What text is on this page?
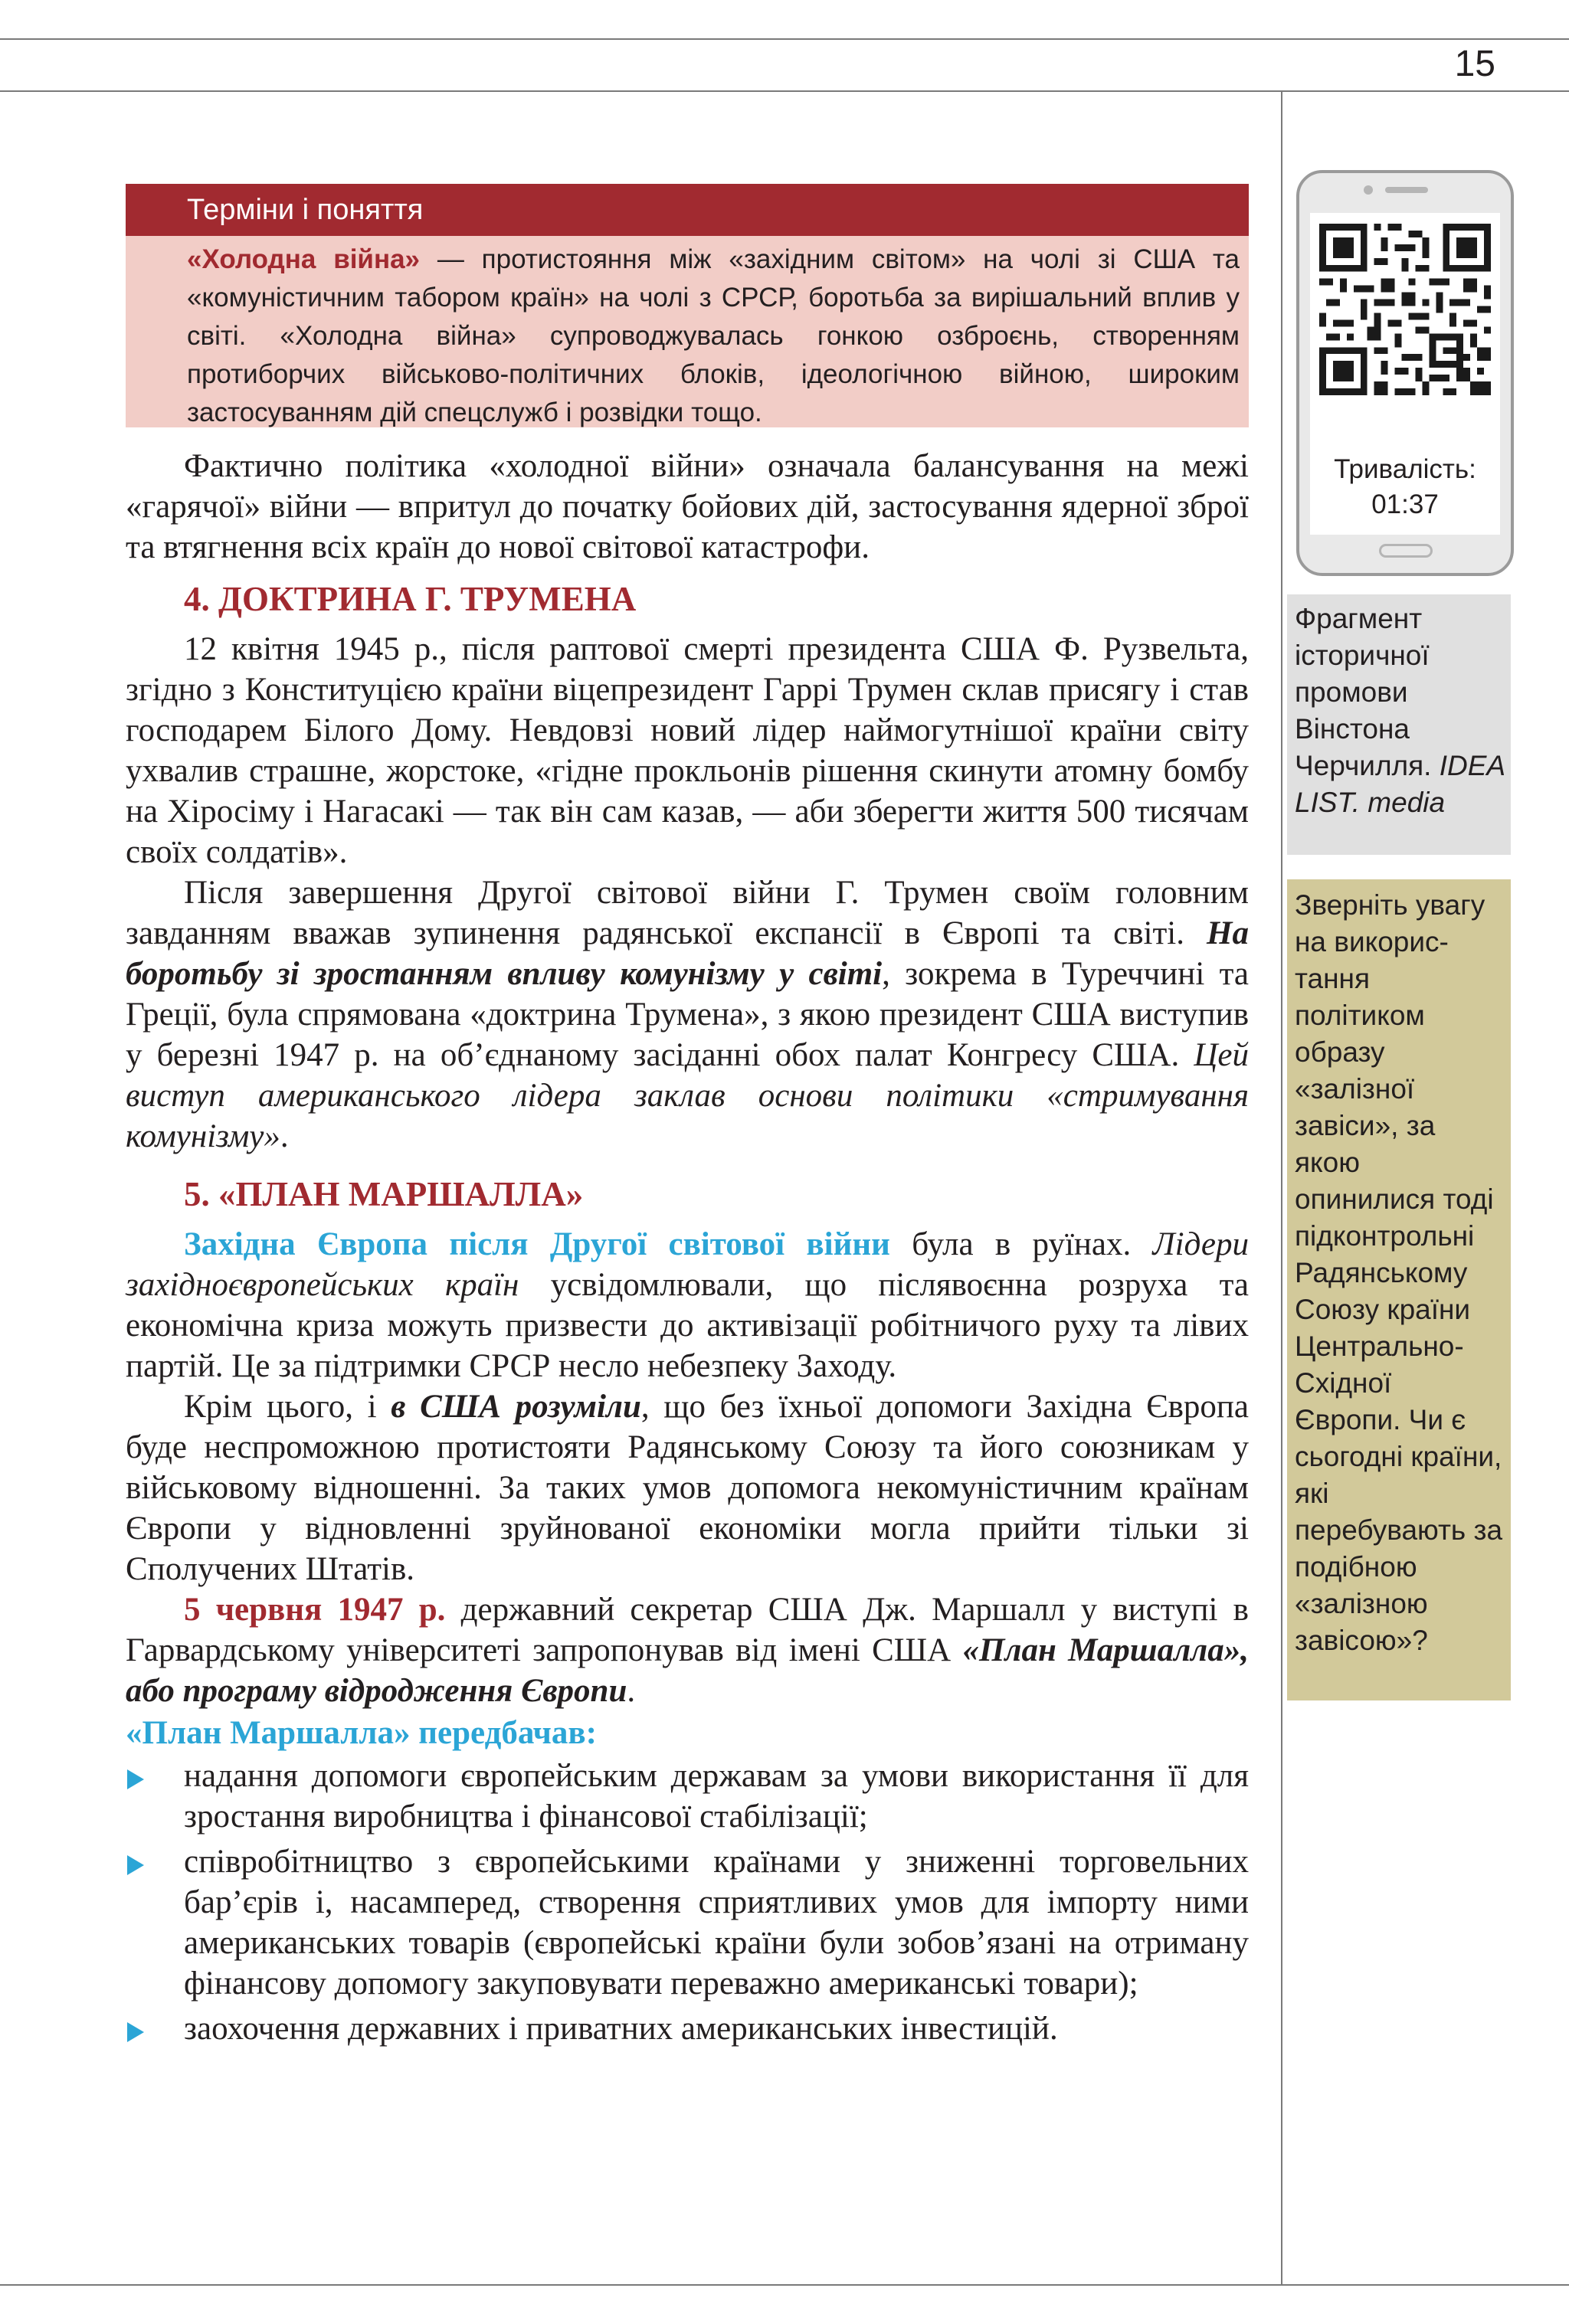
15
Терміни і поняття
«Холодна війна» — протистояння між «західним світом» на чолі зі США та «комуністичним табором країн» на чолі з СРСР, боротьба за вирішальний вплив у світі. «Холодна війна» супроводжувалась гонкою озброєнь, створенням протиборчих військово-політичних блоків, ідеологічною війною, широким застосуванням дій спецслужб і розвідки тощо.

Фактично політика «холодної війни» означала балансування на межі «гарячої» війни — впритул до початку бойових дій, застосування ядерної зброї та втягнення всіх країн до нової світової катастрофи.

4. ДОКТРИНА Г. ТРУМЕНА

12 квітня 1945 р., після раптової смерті президента США Ф. Рузвельта, згідно з Конституцією країни віцепрезидент Гаррі Трумен склав присягу і став господарем Білого Дому. Невдовзі новий лідер наймогутнішої країни світу ухвалив страшне, жорстоке, «гідне прокльонів рішення скинути атомну бомбу на Хіросіму і Нагасакі — так він сам казав, — аби зберегти життя 500 тисячам своїх солдатів».

Після завершення Другої світової війни Г. Трумен своїм головним завданням вважав зупинення радянської експансії в Європі та світі. На боротьбу зі зростанням впливу комунізму у світі, зокрема в Туреччині та Греції, була спрямована «доктрина Трумена», з якою президент США виступив у березні 1947 р. на об’єднаному засіданні обох палат Конгресу США. Цей виступ американського лідера заклав основи політики «стримування комунізму».

5. «ПЛАН МАРШАЛЛА»

Західна Європа після Другої світової війни була в руїнах. Лідери західноєвропейських країн усвідомлювали, що післявоєнна розруха та економічна криза можуть призвести до активізації робітничого руху та лівих партій. Це за підтримки СРСР несло небезпеку Заходу.

Крім цього, і в США розуміли, що без їхньої допомоги Західна Європа буде неспроможною протистояти Радянському Союзу та його союзникам у військовому відношенні. За таких умов допомога некомуністичним країнам Європи у відновленні зруйнованої економіки могла прийти тільки зі Сполучених Штатів.

5 червня 1947 р. державний секретар США Дж. Маршалл у виступі в Гарвардському університеті запропонував від імені США «План Маршалла», або програму відродження Європи.

«План Маршалла» передбачав:

надання допомоги європейським державам за умови використання її для зростання виробництва і фінансової стабілізації;
співробітництво з європейськими країнами у зниженні торговельних бар’єрів і, насамперед, створення сприятливих умов для імпорту ними американських товарів (європейські країни були зобов’язані на отриману фінансову допомогу закуповувати переважно американські товари);
заохочення державних і приватних американських інвестицій.
Тривалість:
01:37
Фрагмент історичної промови Вінстона Черчилля. IDEA LIST. media
Зверніть увагу на використання політиком образу «залізної завіси», за якою опинилися тоді підконтрольні Радянському Союзу країни Центрально-Східної Європи. Чи є сьогодні країни, які перебувають за подібною «залізною завісою»?
